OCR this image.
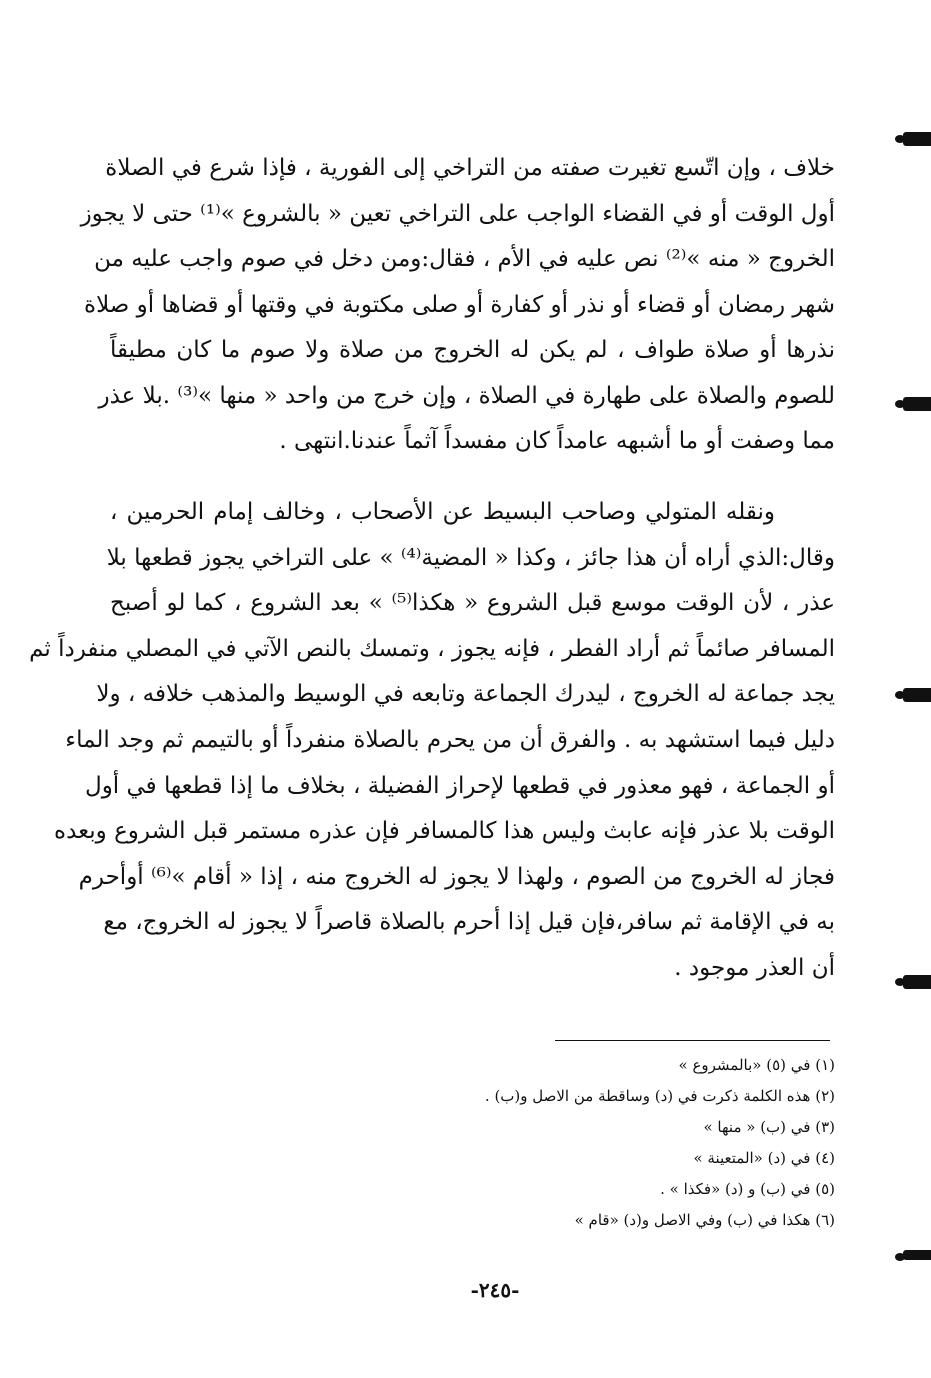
خلاف ، وإن اتّسع تغيرت صفته من التراخي إلى الفورية ، فإذا شرع في الصلاة
أول الوقت أو في القضاء الواجب على التراخي تعين « بالشروع »⁽¹⁾ حتى لا يجوز
الخروج « منه »⁽²⁾ نص عليه في الأم ، فقال:ومن دخل في صوم واجب عليه من
شهر رمضان أو قضاء أو نذر أو كفارة أو صلى مكتوبة في وقتها أو قضاها أو صلاة
نذرها أو صلاة طواف ، لم يكن له الخروج من صلاة ولا صوم ما كان مطيقاً
للصوم والصلاة على طهارة في الصلاة ، وإن خرج من واحد « منها »⁽³⁾ .بلا عذر
مما وصفت أو ما أشبهه عامداً كان مفسداً آثماً عندنا.انتهى .
ونقله المتولي وصاحب البسيط عن الأصحاب ، وخالف إمام الحرمين ،
وقال:الذي أراه أن هذا جائز ، وكذا « المضية⁽⁴⁾ » على التراخي يجوز قطعها بلا
عذر ، لأن الوقت موسع قبل الشروع « هكذا⁽⁵⁾ » بعد الشروع ، كما لو أصبح
المسافر صائماً ثم أراد الفطر ، فإنه يجوز ، وتمسك بالنص الآتي في المصلي منفرداً ثم
يجد جماعة له الخروج ، ليدرك الجماعة وتابعه في الوسيط والمذهب خلافه ، ولا
دليل فيما استشهد به . والفرق أن من يحرم بالصلاة منفرداً أو بالتيمم ثم وجد الماء
أو الجماعة ، فهو معذور في قطعها لإحراز الفضيلة ، بخلاف ما إذا قطعها في أول
الوقت بلا عذر فإنه عابث وليس هذا كالمسافر فإن عذره مستمر قبل الشروع وبعده
فجاز له الخروج من الصوم ، ولهذا لا يجوز له الخروج منه ، إذا « أقام »⁽⁶⁾ أوأحرم
به في الإقامة ثم سافر،فإن قيل إذا أحرم بالصلاة قاصراً لا يجوز له الخروج، مع
أن العذر موجود .
(١) في (٥) «بالمشروع »
(٢) هذه الكلمة ذكرت في (د) وساقطة من الاصل و(ب) .
(٣) في (ب) « منها »
(٤) في (د) «المتعينة »
(٥) في (ب) و (د) «فكذا » .
(٦) هكذا في (ب) وفي الاصل و(د) «قام »
-٢٤٥-
